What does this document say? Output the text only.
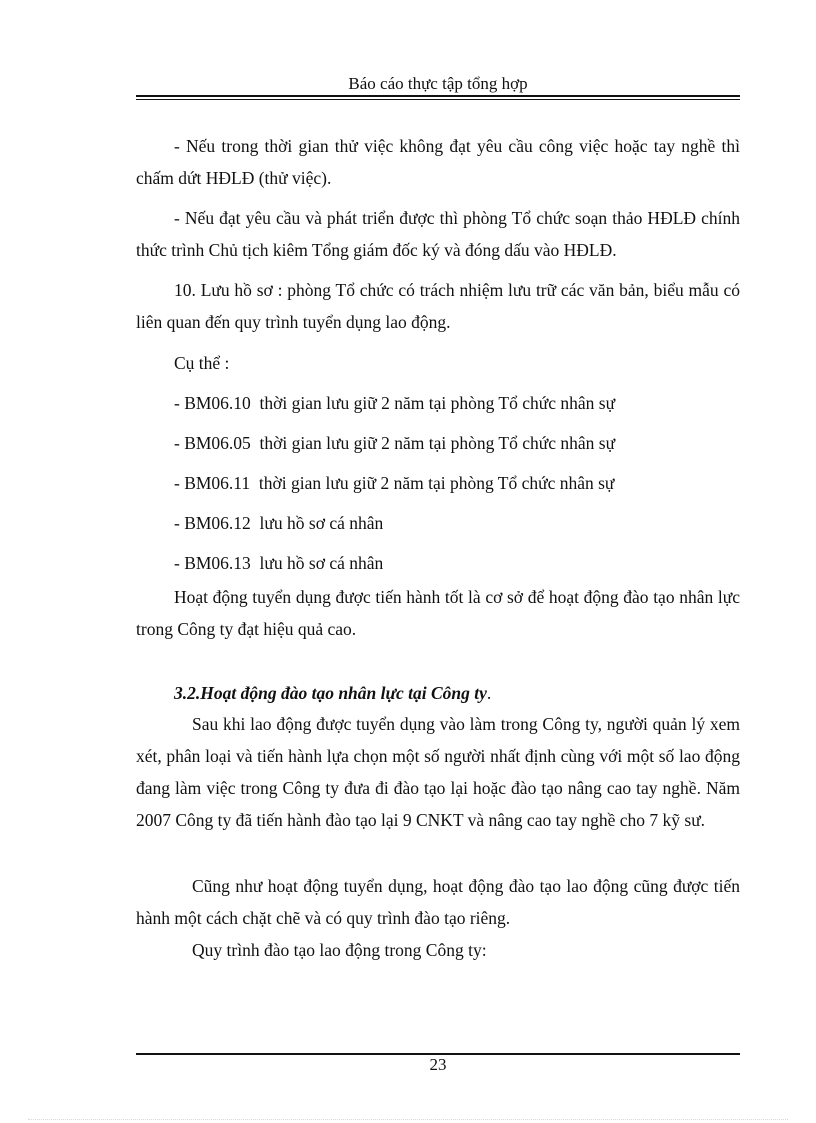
Báo cáo thực tập tổng hợp

- Nếu trong thời gian thử việc không đạt yêu cầu công việc hoặc tay nghề thì chấm dứt HĐLĐ (thử việc).

- Nếu đạt yêu cầu và phát triển được thì phòng Tổ chức soạn thảo HĐLĐ chính thức trình Chủ tịch kiêm Tổng giám đốc ký và đóng dấu vào HĐLĐ.

10. Lưu hồ sơ : phòng Tổ chức có trách nhiệm lưu trữ các văn bản, biểu mẫu có liên quan đến quy trình tuyển dụng lao động.

Cụ thể :
- BM06.10  thời gian lưu giữ 2 năm tại phòng Tổ chức nhân sự
- BM06.05  thời gian lưu giữ 2 năm tại phòng Tổ chức nhân sự
- BM06.11  thời gian lưu giữ 2 năm tại phòng Tổ chức nhân sự
- BM06.12  lưu hồ sơ cá nhân
- BM06.13  lưu hồ sơ cá nhân

Hoạt động tuyển dụng được tiến hành tốt là cơ sở để hoạt động đào tạo nhân lực trong Công ty đạt hiệu quả cao.

3.2.Hoạt động đào tạo nhân lực tại Công ty.

Sau khi lao động được tuyển dụng vào làm trong Công ty, người quản lý xem xét, phân loại và tiến hành lựa chọn một số người nhất định cùng với một số lao động đang làm việc trong Công ty đưa đi đào tạo lại hoặc đào tạo nâng cao tay nghề. Năm 2007 Công ty đã tiến hành đào tạo lại 9 CNKT và nâng cao tay nghề cho 7 kỹ sư.

Cũng như hoạt động tuyển dụng, hoạt động đào tạo lao động cũng được tiến hành một cách chặt chẽ và có quy trình đào tạo riêng.

Quy trình đào tạo lao động trong Công ty:
23
